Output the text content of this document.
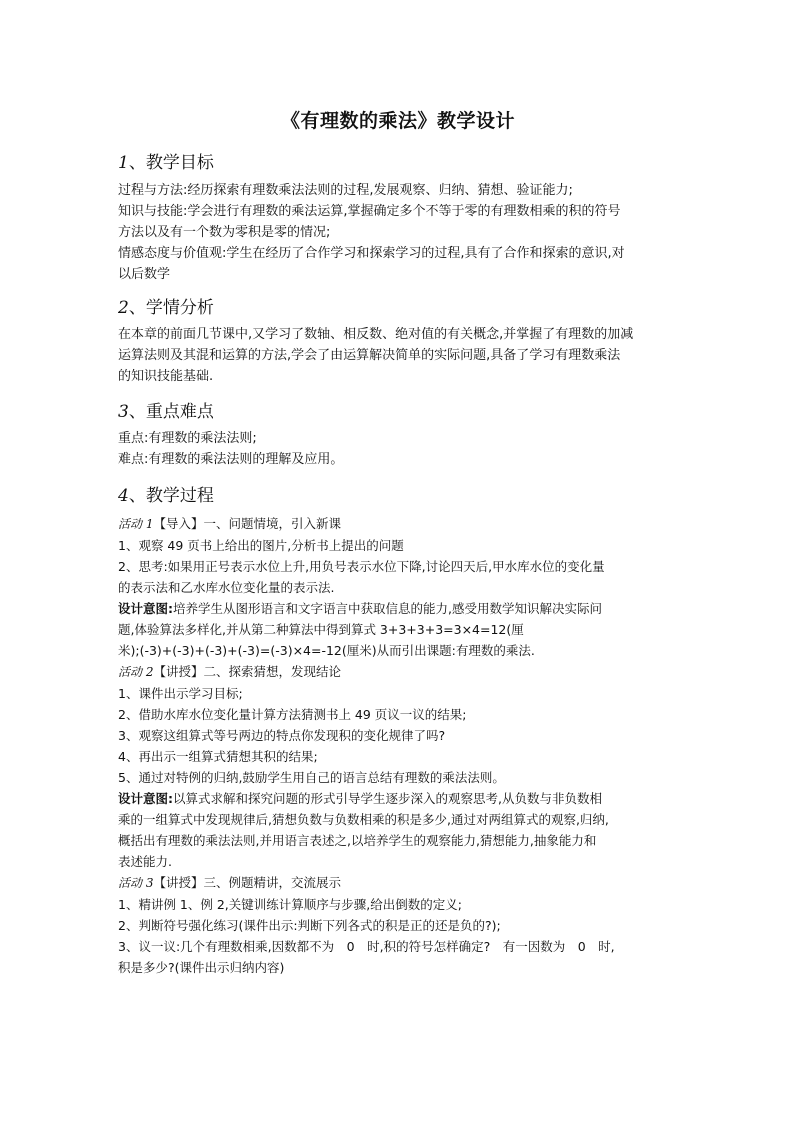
《有理数的乘法》教学设计
1、教学目标
过程与方法:经历探索有理数乘法法则的过程,发展观察、归纳、猜想、验证能力;
知识与技能:学会进行有理数的乘法运算,掌握确定多个不等于零的有理数相乘的积的符号
方法以及有一个数为零积是零的情况;
情感态度与价值观:学生在经历了合作学习和探索学习的过程,具有了合作和探索的意识,对
以后数学
2、学情分析
在本章的前面几节课中,又学习了数轴、相反数、绝对值的有关概念,并掌握了有理数的加减
运算法则及其混和运算的方法,学会了由运算解决简单的实际问题,具备了学习有理数乘法
的知识技能基础.
3、重点难点
重点:有理数的乘法法则;
难点:有理数的乘法法则的理解及应用。
4、教学过程
活动 1【导入】一、问题情境，引入新课
1、观察 49 页书上给出的图片,分析书上提出的问题
2、思考:如果用正号表示水位上升,用负号表示水位下降,讨论四天后,甲水库水位的变化量
的表示法和乙水库水位变化量的表示法.
设计意图:培养学生从图形语言和文字语言中获取信息的能力,感受用数学知识解决实际问
题,体验算法多样化,并从第二种算法中得到算式 3+3+3+3=3×4=12(厘
米);(-3)+(-3)+(-3)+(-3)=(-3)×4=-12(厘米)从而引出课题:有理数的乘法.
活动 2【讲授】二、探索猜想，发现结论
1、课件出示学习目标;
2、借助水库水位变化量计算方法猜测书上 49 页议一议的结果;
3、观察这组算式等号两边的特点你发现积的变化规律了吗?
4、再出示一组算式猜想其积的结果;
5、通过对特例的归纳,鼓励学生用自己的语言总结有理数的乘法法则。
设计意图:以算式求解和探究问题的形式引导学生逐步深入的观察思考,从负数与非负数相
乘的一组算式中发现规律后,猜想负数与负数相乘的积是多少,通过对两组算式的观察,归纳,
概括出有理数的乘法法则,并用语言表述之,以培养学生的观察能力,猜想能力,抽象能力和
表述能力.
活动 3【讲授】三、例题精讲，交流展示
1、精讲例 1、例 2,关键训练计算顺序与步骤,给出倒数的定义;
2、判断符号强化练习(课件出示:判断下列各式的积是正的还是负的?);
3、议一议:几个有理数相乘,因数都不为　0　时,积的符号怎样确定?　有一因数为　0　时,
积是多少?(课件出示归纳内容)
